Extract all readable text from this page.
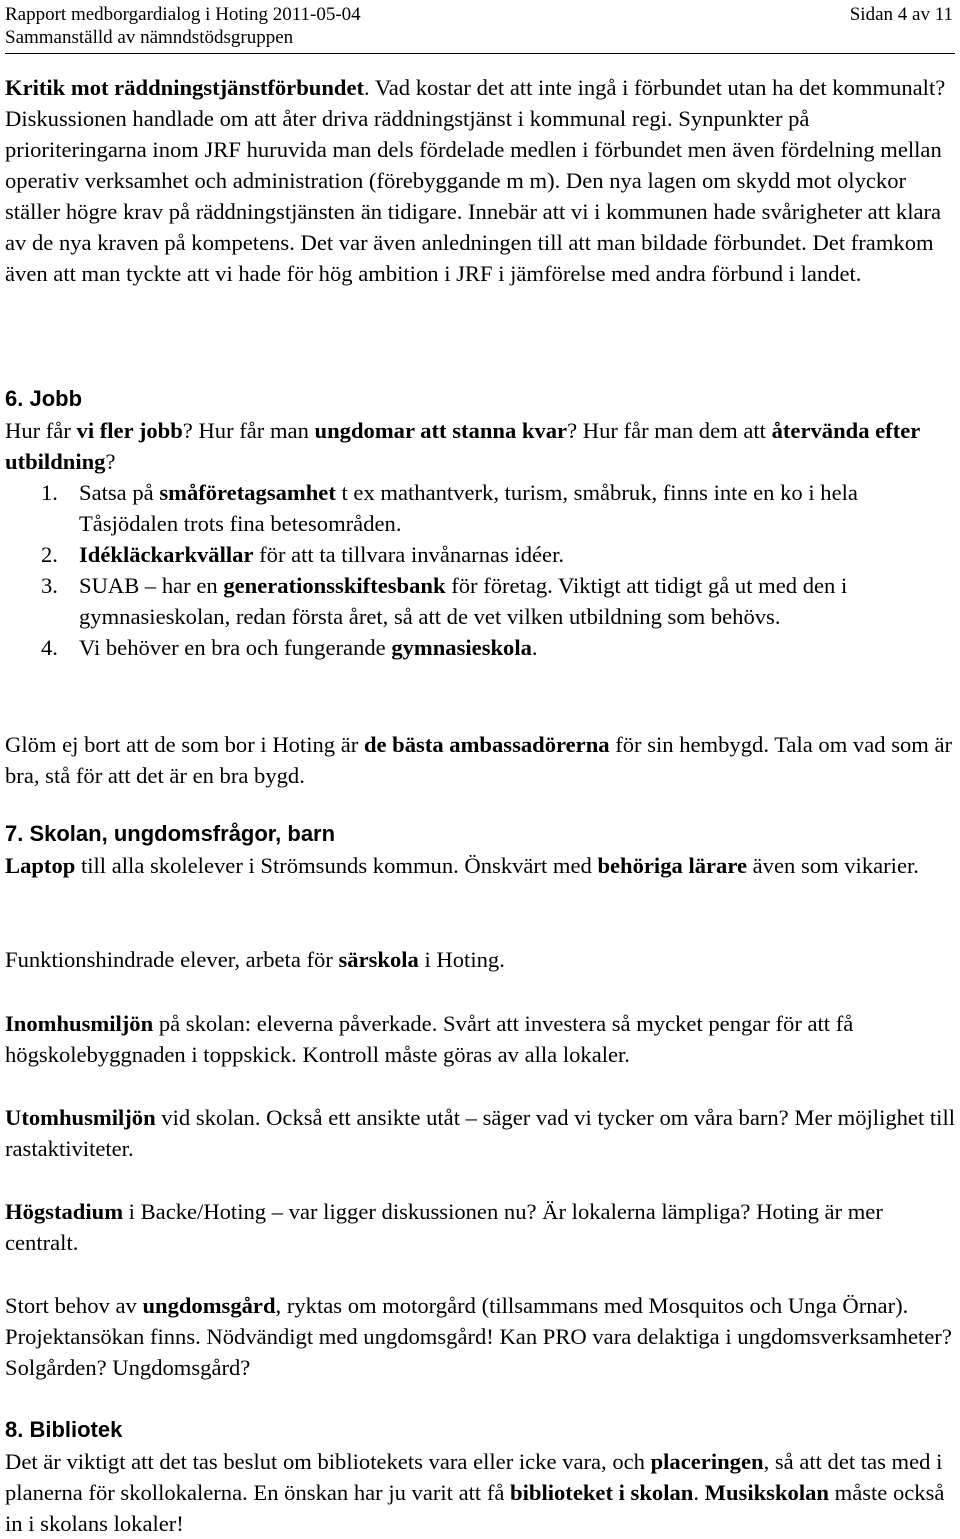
Rapport medborgardialog i Hoting 2011-05-04
Sammanställd av nämndstödsgruppen
Sidan 4 av 11

Kritik mot räddningstjänstförbundet. Vad kostar det att inte ingå i förbundet utan ha det kommunalt? Diskussionen handlade om att åter driva räddningstjänst i kommunal regi. Synpunkter på prioriteringarna inom JRF huruvida man dels fördelade medlen i förbundet men även fördelning mellan operativ verksamhet och administration (förebyggande m m). Den nya lagen om skydd mot olyckor ställer högre krav på räddningstjänsten än tidigare. Innebär att vi i kommunen hade svårigheter att klara av de nya kraven på kompetens. Det var även anledningen till att man bildade förbundet. Det framkom även att man tyckte att vi hade för hög ambition i JRF i jämförelse med andra förbund i landet.

6. Jobb

Hur får vi fler jobb? Hur får man ungdomar att stanna kvar? Hur får man dem att återvända efter utbildning?

1. Satsa på småföretagsamhet t ex mathantverk, turism, småbruk, finns inte en ko i hela Tåsjödalen trots fina betesområden.
2. Idékläckarkvällar för att ta tillvara invånarnas idéer.
3. SUAB – har en generationsskiftesbank för företag. Viktigt att tidigt gå ut med den i gymnasieskolan, redan första året, så att de vet vilken utbildning som behövs.
4. Vi behöver en bra och fungerande gymnasieskola.

Glöm ej bort att de som bor i Hoting är de bästa ambassadörerna för sin hembygd. Tala om vad som är bra, stå för att det är en bra bygd.

7. Skolan, ungdomsfrågor, barn

Laptop till alla skolelever i Strömsunds kommun. Önskvärt med behöriga lärare även som vikarier.

Funktionshindrade elever, arbeta för särskola i Hoting.

Inomhusmiljön på skolan: eleverna påverkade. Svårt att investera så mycket pengar för att få högskolebyggnaden i toppskick. Kontroll måste göras av alla lokaler.

Utomhusmiljön vid skolan. Också ett ansikte utåt – säger vad vi tycker om våra barn? Mer möjlighet till rastaktiviteter.

Högstadium i Backe/Hoting – var ligger diskussionen nu? Är lokalerna lämpliga? Hoting är mer centralt.

Stort behov av ungdomsgård, ryktas om motorgård (tillsammans med Mosquitos och Unga Örnar). Projektansökan finns. Nödvändigt med ungdomsgård! Kan PRO vara delaktiga i ungdomsverksamheter? Solgården? Ungdomsgård?

8. Bibliotek

Det är viktigt att det tas beslut om bibliotekets vara eller icke vara, och placeringen, så att det tas med i planerna för skollokalerna. En önskan har ju varit att få biblioteket i skolan. Musikskolan måste också in i skolans lokaler!
